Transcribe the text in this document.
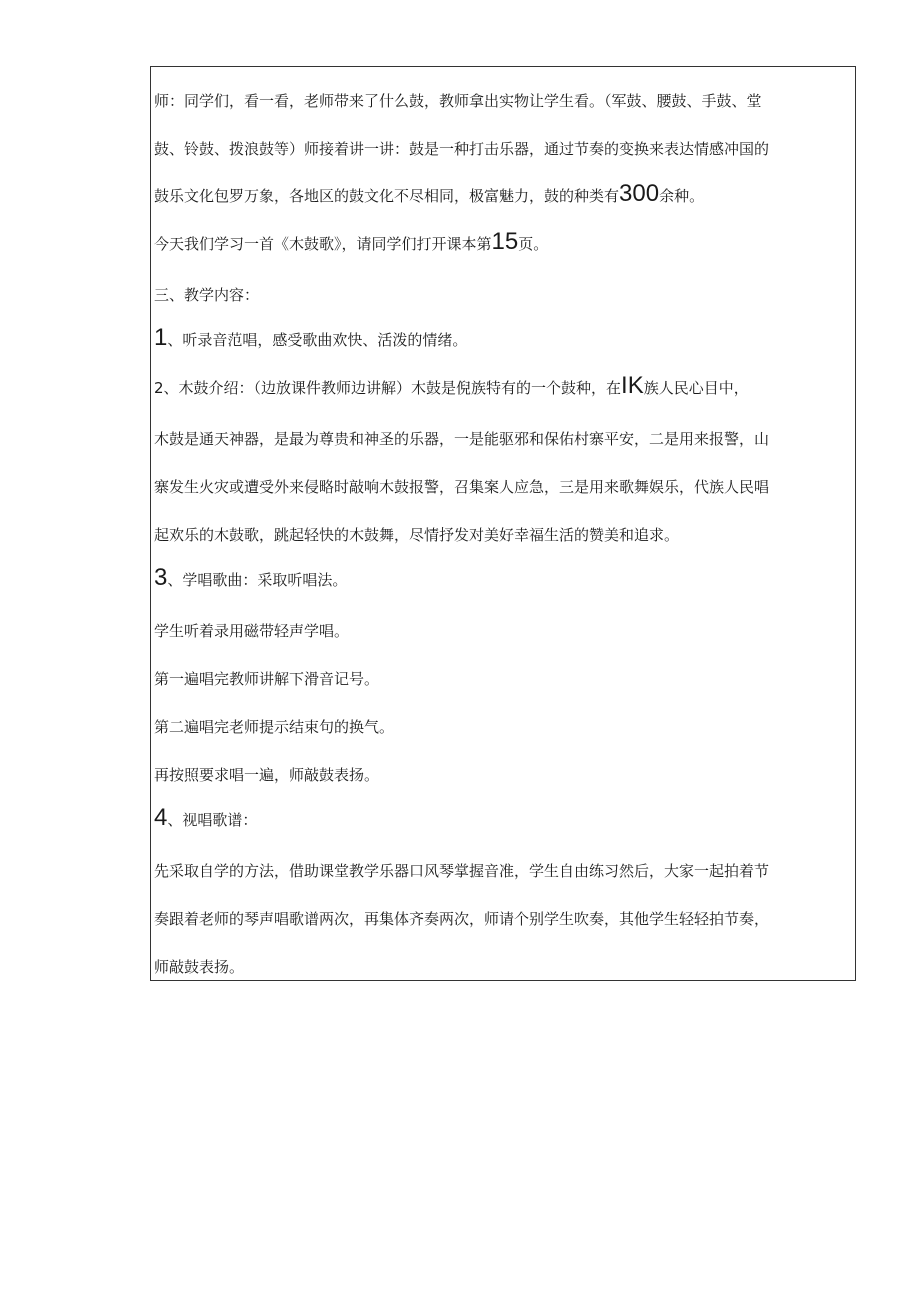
师：同学们，看一看，老师带来了什么鼓，教师拿出实物让学生看。（军鼓、腰鼓、手鼓、堂

鼓、铃鼓、拨浪鼓等）师接着讲一讲：鼓是一种打击乐器，通过节奏的变换来表达情感冲国的

鼓乐文化包罗万象，各地区的鼓文化不尽相同，极富魅力，鼓的种类有300余种。

今天我们学习一首《木鼓歌》，请同学们打开课本第15页。

三、教学内容：

1、听录音范唱，感受歌曲欢快、活泼的情绪。

2、木鼓介绍：（边放课件教师边讲解）木鼓是倪族特有的一个鼓种，在IK族人民心目中，

木鼓是通天神器，是最为尊贵和神圣的乐器，一是能驱邪和保佑村寨平安，二是用来报警，山

寨发生火灾或遭受外来侵略时敲响木鼓报警，召集案人应急，三是用来歌舞娱乐，代族人民唱

起欢乐的木鼓歌，跳起轻快的木鼓舞，尽情抒发对美好幸福生活的赞美和追求。

3、学唱歌曲：采取听唱法。

学生听着录用磁带轻声学唱。

第一遍唱完教师讲解下滑音记号。

第二遍唱完老师提示结束句的换气。

再按照要求唱一遍，师敲鼓表扬。

4、视唱歌谱：

先采取自学的方法，借助课堂教学乐器口风琴掌握音准，学生自由练习然后，大家一起拍着节

奏跟着老师的琴声唱歌谱两次，再集体齐奏两次，师请个别学生吹奏，其他学生轻轻拍节奏，

师敲鼓表扬。
